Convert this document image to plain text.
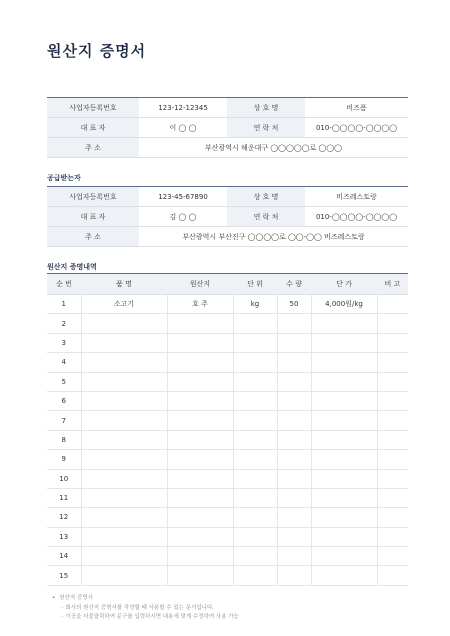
원산지 증명서
사업자등록번호	123-12-12345	상 호 명	비즈폼
대 표 자	이 ◯ ◯	연 락 처	010-◯◯◯◯-◯◯◯◯
주 소	부산광역시 해운대구 ◯◯◯◯◯로 ◯◯◯		
공급받는자
사업자등록번호	123-45-67890	상 호 명	비즈레스토랑
대 표 자	김 ◯ ◯	연 락 처	010-◯◯◯◯-◯◯◯◯
주 소	부산광역시 부산진구 ◯◯◯◯로 ◯◯-◯◯ 비즈레스토랑		
원산지 증명내역
순 번	품 명	원산지	단 위	수 량	단 가	비 고
1	소고기	호 주	kg	50	4,000원/kg	
2						
3						
4						
5						
6						
7						
8						
9						
10						
11						
12						
13						
14						
15						
• 원산지 증명서
· 회사의 원산지 증명서를 작성할 때 사용할 수 있는 문서입니다.
· 이곳을 더블클릭하여 문구를 입력하시면 내용에 맞게 수정하여 사용 가능
